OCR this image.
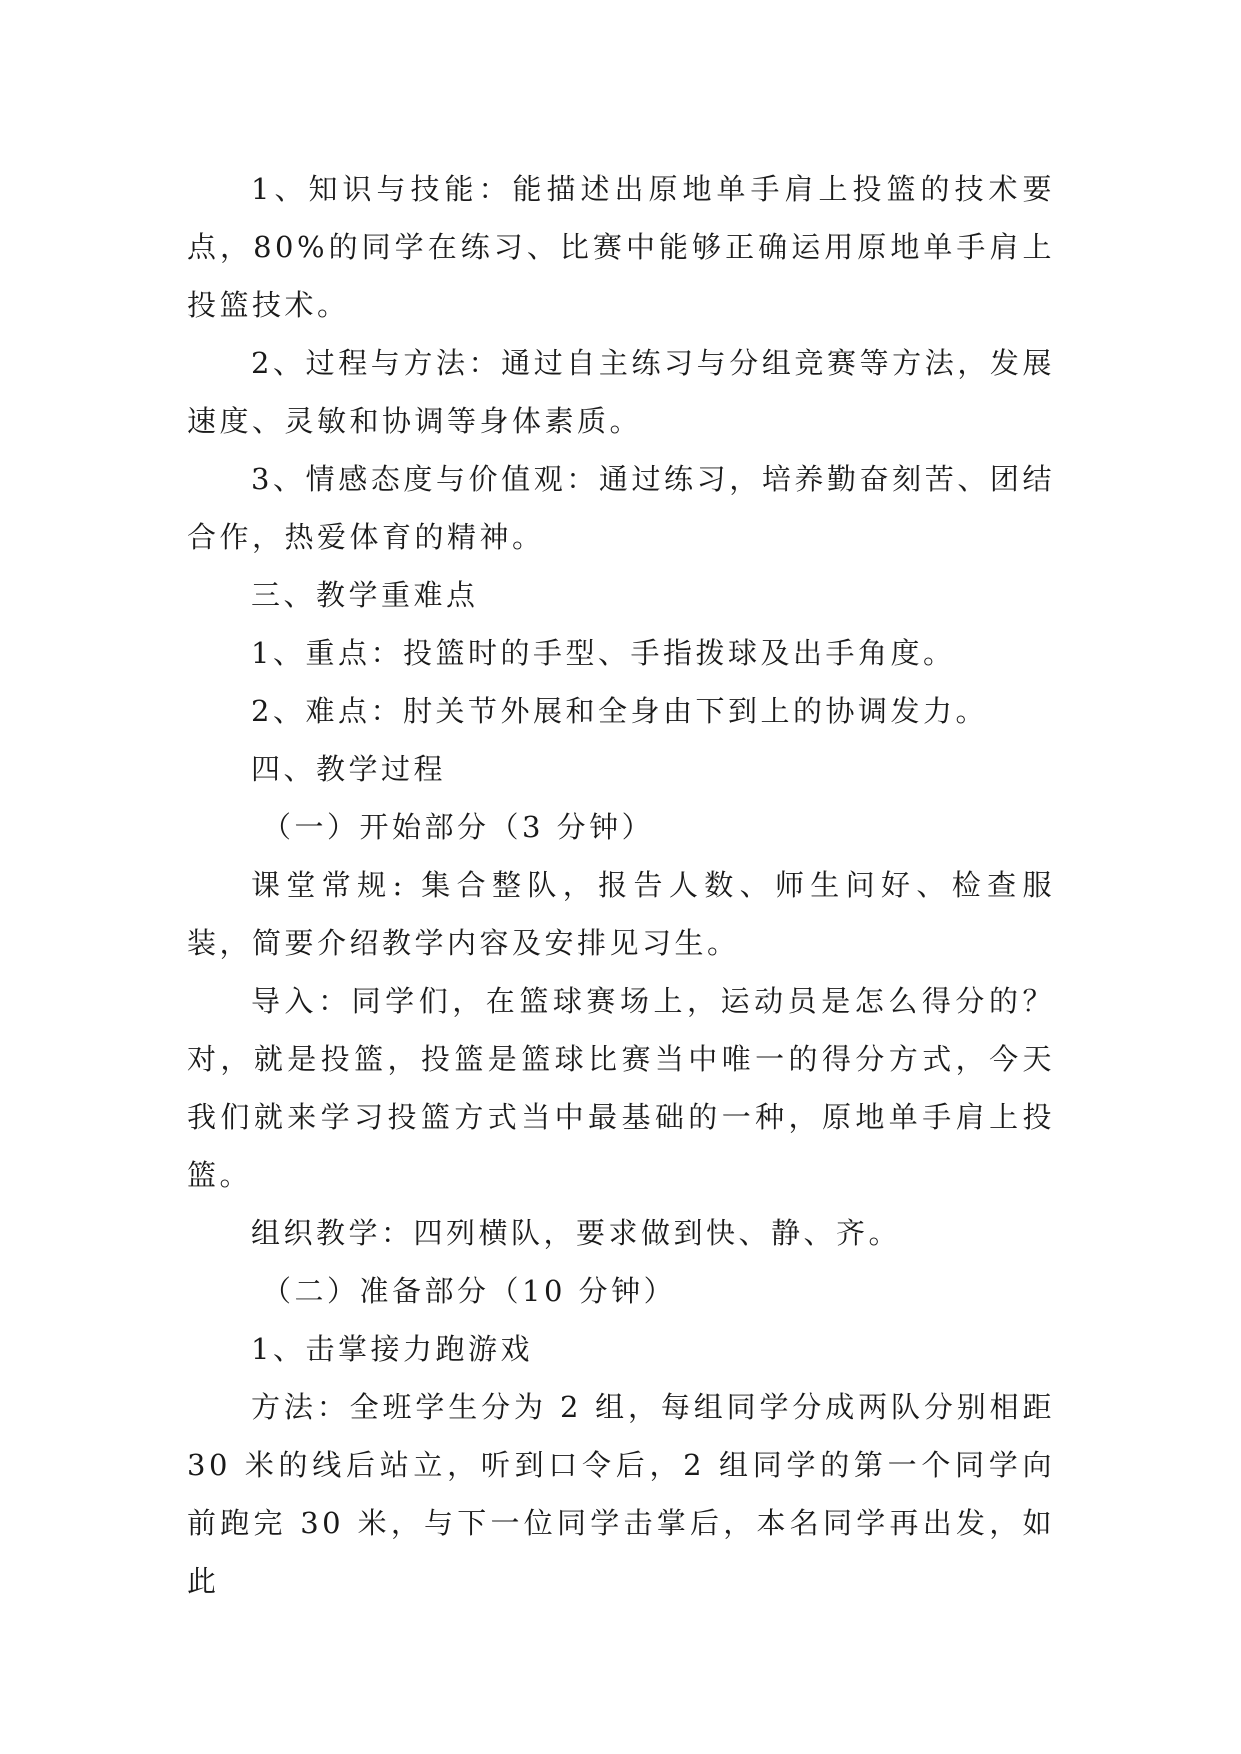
1、知识与技能：能描述出原地单手肩上投篮的技术要点，80%的同学在练习、比赛中能够正确运用原地单手肩上投篮技术。

2、过程与方法：通过自主练习与分组竞赛等方法，发展速度、灵敏和协调等身体素质。

3、情感态度与价值观：通过练习，培养勤奋刻苦、团结合作，热爱体育的精神。

三、教学重难点

1、重点：投篮时的手型、手指拨球及出手角度。

2、难点：肘关节外展和全身由下到上的协调发力。

四、教学过程

（一）开始部分（3 分钟）

课堂常规: 集合整队，报告人数、师生问好、检查服装，简要介绍教学内容及安排见习生。

导入：同学们，在篮球赛场上，运动员是怎么得分的？对，就是投篮，投篮是篮球比赛当中唯一的得分方式，今天我们就来学习投篮方式当中最基础的一种，原地单手肩上投篮。

组织教学：四列横队，要求做到快、静、齐。

（二）准备部分（10 分钟）

1、击掌接力跑游戏

方法：全班学生分为 2 组，每组同学分成两队分别相距 30 米的线后站立，听到口令后，2 组同学的第一个同学向前跑完 30 米，与下一位同学击掌后，本名同学再出发，如此
